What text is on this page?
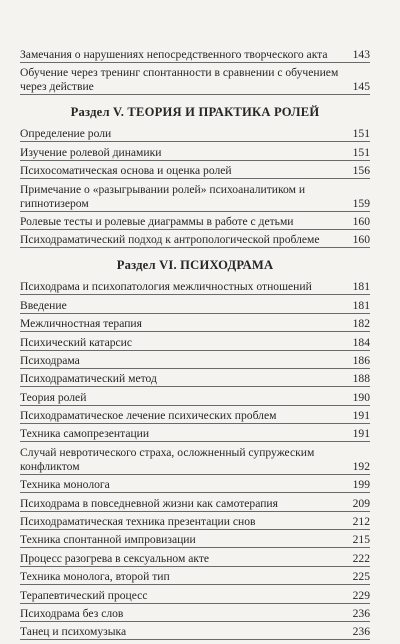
Замечания о нарушениях непосредственного творческого акта	143
Обучение через тренинг спонтанности в сравнении с обучением через действие	145
Раздел V. ТЕОРИЯ И ПРАКТИКА РОЛЕЙ
Определение роли	151
Изучение ролевой динамики	151
Психосоматическая основа и оценка ролей	156
Примечание о «разыгрывании ролей» психоаналитиком и гипнотизером	159
Ролевые тесты и ролевые диаграммы в работе с детьми	160
Психодраматический подход к антропологической проблеме	160
Раздел VI. ПСИХОДРАМА
Психодрама и психопатология межличностных отношений	181
Введение	181
Межличностная терапия	182
Психический катарсис	184
Психодрама	186
Психодраматический метод	188
Теория ролей	190
Психодраматическое лечение психических проблем	191
Техника самопрезентации	191
Случай невротического страха, осложненный супружеским конфликтом	192
Техника монолога	199
Психодрама в повседневной жизни как самотерапия	209
Психодраматическая техника презентации снов	212
Техника спонтанной импровизации	215
Процесс разогрева в сексуальном акте	222
Техника монолога, второй тип	225
Терапевтический процесс	229
Психодрама без слов	236
Танец и психомузыка	236
